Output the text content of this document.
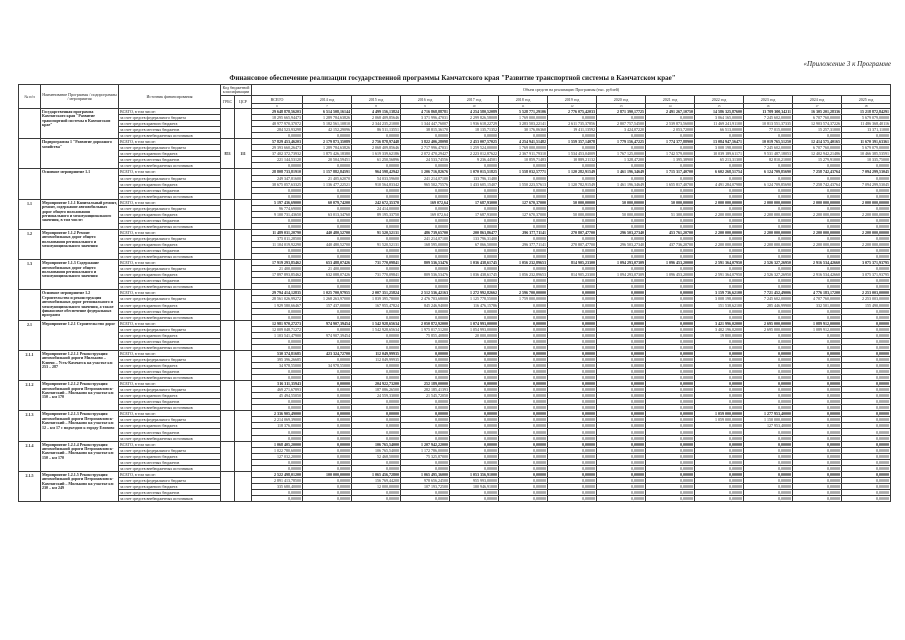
«Приложение 3 к Программе
Финансовое обеспечение реализации государственной программы Камчатского края "Развитие транспортной системы в Камчатском крае"
№ п/п	Наименование Программы / подпрограммы / мероприятия	Источник финансирования	Код бюджетной классификации		Объем средств на реализацию Программы (тыс. рублей)												
			ГРБС	ЦСР	ВСЕГО	2014 год	2015 год	2016 год	2017 год	2018 год	2019 год	2020 год	2021 год	2022 год	2023 год	2024 год	2025 год
					6	7	8	9	10	11	12	13	14	15	16	17	18
	Государственная программа Камчатского края "Развитие транспортной системы в Камчатском крае"	ВСЕГО, в том числе:			29 648 878,56203	6 514 508,16144	4 499 156,13824	4 716 868,88781	4 254 580,52089	5 528 771,29106	2 776 075,42033	2 871 390,17725	2 491 267,10750	14 586 325,87600	13 709 300,34211	16 305 201,28336	15 218 872,84291
		за счет средств федерального бюджета			18 295 665,94473	1 289 784,63826	2 068 409,85646	3 371 996,47031	2 299 826,58008	1 769 000,00000	0,00000	0,00000	0,00000	3 064 165,00000	7 245 602,00000	6 707 760,00000	5 679 079,00000
		за счет средств краевого бюджета			48 977 970,37072	5 182 561,10810	2 344 235,21000	1 344 447,76007	1 936 618,22729	3 283 503,22141	2 611 735,37856	2 807 757,54500	2 539 873,56000	11 469 241,91100	10 813 551,37335	12 903 574,37226	11 486 368,40116
		за счет средств местных бюджетов			284 523,93298	42 152,29096	86 511,13551	38 815,36170	18 135,71352	30 176,06360	19 411,13592	3 424,07220	2 053,72000	66 513,00000	77 015,00000	15 257,31000	13 371,11000
		за счет средств внебюджетных источников			0,00000	0,00000	0,00000	0,00000	0,00000	0,00000	0,00000	0,00000	0,00000	0,00000	0,00000	0,00000	0,00000
	Подпрограмма 1 "Развитие дорожного хозяйства"	ВСЕГО, в том числе:	853	111	57 829 453,46203	2 179 873,35089	2 756 878,97448	3 822 406,28098	2 453 007,57025	4 254 941,51482	1 559 357,14078	1 779 156,47225	1 774 377,88900	13 084 947,56471	10 019 765,51250	12 414 575,40165	11 670 391,63361
		за счет средств федерального бюджета			29 393 660,26473	1 289 784,63826	2 068 409,85646	2 717 996,47031	1 259 524,00000	1 769 000,00000	0,00000	0,00000	0,00000	3 008 198,00000	7 245 602,00000	6 707 760,00000	5 679 079,00000
		за счет средств краевого бюджета			37 402 372,73932	1 875 426,18380	1 619 339,62186	2 072 470,29427	2 223 012,87622	2 367 911,79310	1 534 453,04009	1 767 125,00000	1 742 579,00000	10 039 189,61171	9 531 487,18053	12 402 942,21486	10 466 385,53591
		за счет средств местных бюджетов			221 144,53120	20 504,59451	61 250,56896	24 533,74556	9 236,44501	10 859,71483	10 889,21132	1 328,47200	1 395,38900	65 213,31300	82 810,21000	15 279,91000	10 335,75000
		за счет средств внебюджетных источников			0,00000	0,00000	0,00000	0,00000	0,00000	0,00000	0,00000	0,00000	0,00000	0,00000	0,00000	0,00000	0,00000
	Основное мероприятие 1.1	ВСЕГО, в том числе:			28 808 733,81910	1 157 882,84591	964 598,42942	1 206 716,82676	1 070 015,51825	1 558 032,57771	1 120 282,91549	1 461 196,34649	1 715 317,40700	6 602 268,51754	6 124 709,85690	7 258 742,43764	7 094 299,53045
		за счет средств федерального бюджета			249 347,81600	21 405,62070	54 033,59600	241 214,07100	133 796,11480	0,00000	0,00000	0,00000	0,00000	0,00000	0,00000	0,00000	0,00000
		за счет средств краевого бюджета			38 675 057,63325	1 136 477,22521	910 564,83342	965 502,75576	1 433 605,15407	1 550 223,57613	1 120 782,91549	1 461 196,34649	1 655 817,40700	4 491 284,07980	6 124 709,85690	7 258 742,43764	7 094 299,53045
		за счет средств местных бюджетов			0,00000	0,00000	0,00000	0,00000	0,00000	0,00000	0,00000	0,00000	0,00000	0,00000	0,00000	0,00000	0,00000
		за счет средств внебюджетных источников			0,00000	0,00000	0,00000	0,00000	0,00000	0,00000	0,00000	0,00000	0,00000	0,00000	0,00000	0,00000	0,00000
1.1	Мероприятие 1.1.1 Капитальный ремонт, ремонт, содержание автомобильных дорог общего пользования регионального и межмуниципального значения, в том числе:	ВСЕГО, в том числе:			5 197 436,69000	60 079,74200	242 672,35370	169 072,64	17 687,93000	127 670,37000	50 000,00000	50 000,00000	50 000,00000	2 000 000,00000	2 000 000,00000	2 000 000,00000	2 000 000,00000
		за счет средств федерального бюджета			96 774,69000	0,00000	24 414,00000	0,00000	0,00000	0,00000	0,00000	0,00000	0,00000	0,00000	0,00000	0,00000	0,00000
		за счет средств краевого бюджета			9 100 731,43650	63 013,34760	89 195,33750	169 072,64	17 687,93000	127 670,37000	50 000,00000	50 000,00000	51 300,00000	2 200 000,00000	2 200 000,00000	2 200 000,00000	2 200 000,00000
		за счет средств местных бюджетов			0,00000	0,00000	0,00000	0,00000	0,00000	0,00000	0,00000	0,00000	0,00000	0,00000	0,00000	0,00000	0,00000
		за счет средств внебюджетных источников			0,00000	0,00000	0,00000	0,00000	0,00000	0,00000	0,00000	0,00000	0,00000	0,00000	0,00000	0,00000	0,00000
1.2	Мероприятие 1.1.2 Ремонт автомобильных дорог общего пользования регионального и межмуниципального значения	ВСЕГО, в том числе:			11 489 031,20790	440 480,52700	91 520,52131	486 739,65700	200 863,86477	296 377,71141	270 807,47700	296 503,27340	453 761,20700	2 200 000,00000	2 200 000,00000	2 200 000,00000	2 200 000,00000
		за счет средств федерального бюджета			375 011,28500	0,00000	0,00000	241 214,07100	133 796,31400	0,00000	0,00000	0,00000	0,00000	0,00000	0,00000	0,00000	0,00000
		за счет средств краевого бюджета			11 104 019,92290	440 480,52700	91 520,52131	168 595,00000	67 066,50000	296 377,71141	270 807,47700	296 503,27340	437 736,20700	2 200 000,00000	2 200 000,00000	2 200 000,00000	2 200 000,00000
		за счет средств местных бюджетов			0,00000	0,00000	0,00000	0,00000	0,00000	0,00000	0,00000	0,00000	0,00000	0,00000	0,00000	0,00000	0,00000
		за счет средств внебюджетных источников			0,00000	0,00000	0,00000	0,00000	0,00000	0,00000	0,00000	0,00000	0,00000	0,00000	0,00000	0,00000	0,00000
1.3	Мероприятие 1.1.3 Содержание автомобильных дорог общего пользования регионального и межмуниципального значения	ВСЕГО, в том числе:			17 919 293,85462	653 488,07426	731 770,09841	809 536,53476	1 036 438,61745	1 056 232,89653	814 905,23300	1 094 293,07309	1 096 453,20000	2 591 364,07950	2 526 327,26950	2 916 534,42660	3 075 371,93795
		за счет средств федерального бюджета			21 400,00000	21 400,00000	0,00000	0,00000	0,00000	0,00000	0,00000	0,00000	0,00000	0,00000	0,00000	0,00000	0,00000
		за счет средств краевого бюджета			17 897 893,85462	632 088,07426	731 770,09841	809 536,53476	1 036 438,61745	1 056 232,89653	814 905,23300	1 094 293,07309	1 096 453,20000	2 591 364,07950	2 526 327,26950	2 916 534,42660	3 075 371,93795
		за счет средств местных бюджетов			0,00000	0,00000	0,00000	0,00000	0,00000	0,00000	0,00000	0,00000	0,00000	0,00000	0,00000	0,00000	0,00000
		за счет средств внебюджетных источников			0,00000	0,00000	0,00000	0,00000	0,00000	0,00000	0,00000	0,00000	0,00000	0,00000	0,00000	0,00000	0,00000
	Основное мероприятие 1.2 Строительство и реконструкция автомобильных дорог регионального и межмуниципального значения, а также финансовое обеспечение федеральных программ	ВСЕГО, в том числе:			29 794 414,12835	1 025 700,97955	2 007 351,25824	2 512 536,42163	1 272 992,82662	2 596 700,00000	0,00000	0,00000	0,00000	3 159 736,62100	7 721 452,49006	4 776 183,17200	2 253 003,00000
		за счет средств федерального бюджета			28 561 026,99272	1 268 263,97000	1 839 395,78000	2 476 703,68000	1 125 778,55000	1 759 000,00000	0,00000	0,00000	0,00000	3 008 198,00000	7 245 602,00000	4 707 760,00000	2 253 003,00000
		за счет средств краевого бюджета			1 929 580,66467	157 437,00000	167 955,47824	845 246,94000	116 476,15786	0,00000	0,00000	0,00000	0,00000	151 538,62100	285 446,99900	332 501,00000	155 490,00000
		за счет средств местных бюджетов			0,00000	0,00000	0,00000	0,00000	0,00000	0,00000	0,00000	0,00000	0,00000	0,00000	0,00000	0,00000	0,00000
		за счет средств внебюджетных источников			0,00000	0,00000	0,00000	0,00000	0,00000	0,00000	0,00000	0,00000	0,00000	0,00000	0,00000	0,00000	0,00000
2.1	Мероприятие 1.2.1 Строительство дорог	ВСЕГО, в том числе:			12 981 970,27273	974 907,39454	1 542 928,65634	2 050 872,92000	1 074 993,00000	0,00000	0,00000	0,00000	0,00000	3 421 996,02000	2 695 000,00000	1 089 912,00000	0,00000
		за счет средств федерального бюджета			12 009 048,71272	0,00000	1 542 928,65634	1 975 017,51200	1 054 993,00000	0,00000	0,00000	0,00000	0,00000	3 402 196,02000	2 695 000,00000	1 089 912,00000	0,00000
		за счет средств краевого бюджета			1 103 541,47900	974 907,39454	0,00000	75 855,40800	20 000,00000	0,00000	0,00000	0,00000	0,00000	19 800,00000	0,00000	0,00000	0,00000
		за счет средств местных бюджетов			0,00000	0,00000	0,00000	0,00000	0,00000	0,00000	0,00000	0,00000	0,00000	0,00000	0,00000	0,00000	0,00000
		за счет средств внебюджетных источников			0,00000	0,00000	0,00000	0,00000	0,00000	0,00000	0,00000	0,00000	0,00000	0,00000	0,00000	0,00000	0,00000
2.1.1	Мероприятие 1.2.1.1 Реконструкция автомобильной дороги Мильково – Ключи – Усть-Камчатск на участке км 253 – 287	ВСЕГО, в том числе:			530 374,81685	423 324,72700	112 049,99935	0,00000	0,00000	0,00000	0,00000	0,00000	0,00000	0,00000	0,00000	0,00000	0,00000
		за счет средств федерального бюджета			395 396,26685	0,00000	112 049,99935	0,00000	0,00000	0,00000	0,00000	0,00000	0,00000	0,00000	0,00000	0,00000	0,00000
		за счет средств краевого бюджета			34 978,55000	34 978,55000	0,00000	0,00000	0,00000	0,00000	0,00000	0,00000	0,00000	0,00000	0,00000	0,00000	0,00000
		за счет средств местных бюджетов			0,00000	0,00000	0,00000	0,00000	0,00000	0,00000	0,00000	0,00000	0,00000	0,00000	0,00000	0,00000	0,00000
		за счет средств внебюджетных источников			0,00000	0,00000	0,00000	0,00000	0,00000	0,00000	0,00000	0,00000	0,00000	0,00000	0,00000	0,00000	0,00000
2.1.2	Мероприятие 1.2.1.2 Реконструкция автомобильной дороги Петропавловск-Камчатский – Мильково на участке км 150 – км 170	ВСЕГО, в том числе:			516 311,35943	0,00000	204 922,73200	252 189,00000	0,00000	0,00000	0,00000	0,00000	0,00000	0,00000	0,00000	0,00000	0,00000
		за счет средств федерального бюджета			469 271,67893	0,00000	187 086,26500	282 185,41393	0,00000	0,00000	0,00000	0,00000	0,00000	0,00000	0,00000	0,00000	0,00000
		за счет средств краевого бюджета			45 494,55050	0,00000	24 559,33000	21 545,72050	0,00000	0,00000	0,00000	0,00000	0,00000	0,00000	0,00000	0,00000	0,00000
		за счет средств местных бюджетов			0,00000	0,00000	0,00000	0,00000	0,00000	0,00000	0,00000	0,00000	0,00000	0,00000	0,00000	0,00000	0,00000
		за счет средств внебюджетных источников			0,00000	0,00000	0,00000	0,00000	0,00000	0,00000	0,00000	0,00000	0,00000	0,00000	0,00000	0,00000	0,00000
2.1.3	Мероприятие 1.2.1.3 Реконструкция автомобильной дороги Петропавловск-Камчатский – Мильково на участке км 12 – км 17 с подъездом к городу Елизово	ВСЕГО, в том числе:			2 336 905,49000	0,00000	0,00000	0,00000	0,00000	0,00000	0,00000	0,00000	0,00000	1 059 000,00000	1 277 953,40000	0,00000	0,00000
		за счет средств федерального бюджета			2 214 069,39000	0,00000	0,00000	0,00000	0,00000	0,00000	0,00000	0,00000	0,00000	1 059 000,00000	1 150 000,00000	0,00000	0,00000
		за счет средств краевого бюджета			118 376,00000	0,00000	0,00000	0,00000	0,00000	0,00000	0,00000	0,00000	0,00000	0,00000	127 953,40000	0,00000	0,00000
		за счет средств местных бюджетов			0,00000	0,00000	0,00000	0,00000	0,00000	0,00000	0,00000	0,00000	0,00000	0,00000	0,00000	0,00000	0,00000
		за счет средств внебюджетных источников			0,00000	0,00000	0,00000	0,00000	0,00000	0,00000	0,00000	0,00000	0,00000	0,00000	0,00000	0,00000	0,00000
2.1.4	Мероприятие 1.2.1.4 Реконструкция автомобильной дороги Петропавловск-Камчатский – Мильково на участке км 150 – км 170	ВСЕГО, в том числе:			1 068 405,20000	0,00000	106 765,54000	1 207 942,22000	0,00000	0,00000	0,00000	0,00000	0,00000	0,00000	0,00000	0,00000	0,00000
		за счет средств федерального бюджета			1 022 780,60000	0,00000	106 765,54000	1 172 786,00000	0,00000	0,00000	0,00000	0,00000	0,00000	0,00000	0,00000	0,00000	0,00000
		за счет средств краевого бюджета			127 032,20000	0,00000	52 468,50000	75 325,87000	0,00000	0,00000	0,00000	0,00000	0,00000	0,00000	0,00000	0,00000	0,00000
		за счет средств местных бюджетов			0,00000	0,00000	0,00000	0,00000	0,00000	0,00000	0,00000	0,00000	0,00000	0,00000	0,00000	0,00000	0,00000
		за счет средств внебюджетных источников			0,00000	0,00000	0,00000	0,00000	0,00000	0,00000	0,00000	0,00000	0,00000	0,00000	0,00000	0,00000	0,00000
2.1.5	Мероприятие 1.2.1.5 Реконструкция автомобильной дороги Петропавловск-Камчатский – Мильково на участке км 230 – км 249	ВСЕГО, в том числе:			2 522 498,01200	100 000,00000	1 065 456,72800	1 065 495,36000	1 053 356,91000	0,00000	0,00000	0,00000	0,00000	0,00000	0,00000	0,00000	0,00000
		за счет средств федерального бюджета			2 891 413,78500	0,00000	156 769,44200	978 656,24500	955 993,00000	0,00000	0,00000	0,00000	0,00000	0,00000	0,00000	0,00000	0,00000
		за счет средств краевого бюджета			335 680,40000	0,00000	12 000,00000	107 193,72500	100 946,91000	0,00000	0,00000	0,00000	0,00000	0,00000	0,00000	0,00000	0,00000
		за счет средств местных бюджетов			0,00000	0,00000	0,00000	0,00000	0,00000	0,00000	0,00000	0,00000	0,00000	0,00000	0,00000	0,00000	0,00000
		за счет средств внебюджетных источников			0,00000	0,00000	0,00000	0,00000	0,00000	0,00000	0,00000	0,00000	0,00000	0,00000	0,00000	0,00000	0,00000
